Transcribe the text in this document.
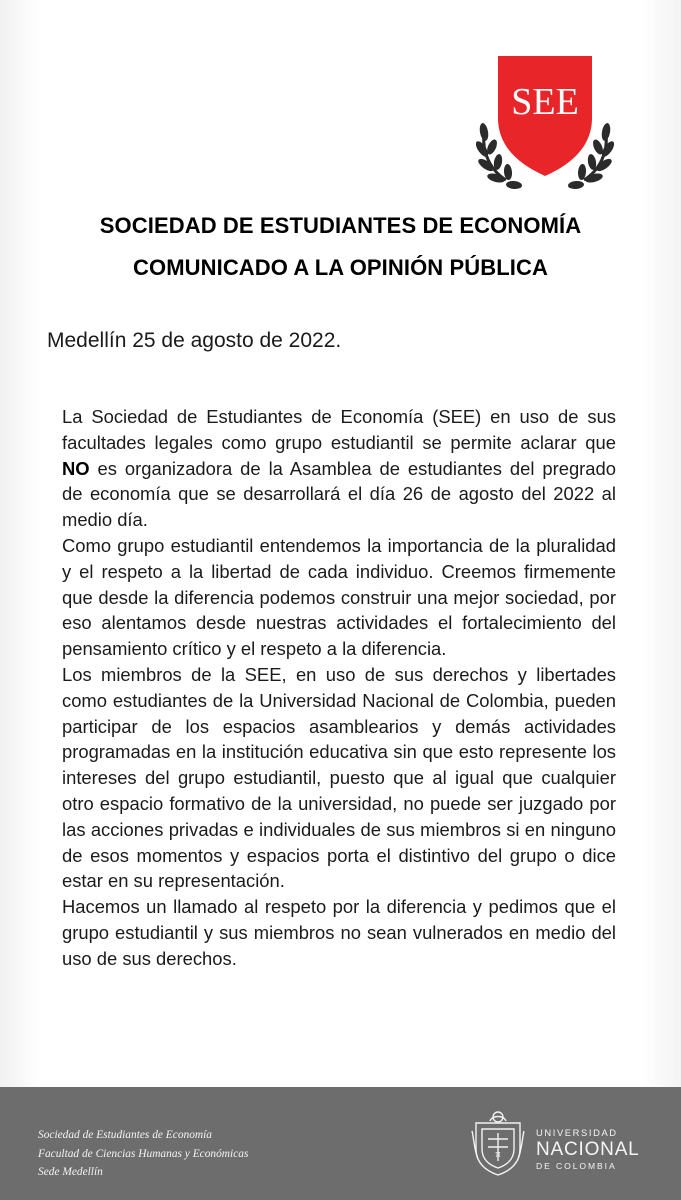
SEE
SOCIEDAD DE ESTUDIANTES DE ECONOMÍA
COMUNICADO A LA OPINIÓN PÚBLICA
Medellín 25 de agosto de 2022.

La Sociedad de Estudiantes de Economía (SEE) en uso de sus facultades legales como grupo estudiantil se permite aclarar que NO es organizadora de la Asamblea de estudiantes del pregrado de economía que se desarrollará el día 26 de agosto del 2022 al medio día.

Como grupo estudiantil entendemos la importancia de la pluralidad y el respeto a la libertad de cada individuo. Creemos firmemente que desde la diferencia podemos construir una mejor sociedad, por eso alentamos desde nuestras actividades el fortalecimiento del pensamiento crítico y el respeto a la diferencia.

Los miembros de la SEE, en uso de sus derechos y libertades como estudiantes de la Universidad Nacional de Colombia, pueden participar de los espacios asamblearios y demás actividades programadas en la institución educativa sin que esto represente los intereses del grupo estudiantil, puesto que al igual que cualquier otro espacio formativo de la universidad, no puede ser juzgado por las acciones privadas e individuales de sus miembros si en ninguno de esos momentos y espacios porta el distintivo del grupo o dice estar en su representación.

Hacemos un llamado al respeto por la diferencia y pedimos que el grupo estudiantil y sus miembros no sean vulnerados en medio del uso de sus derechos.

Sociedad de Estudiantes de Economía
Facultad de Ciencias Humanas y Económicas
Sede Medellín
π
UNIVERSIDAD
NACIONAL
DE COLOMBIA
